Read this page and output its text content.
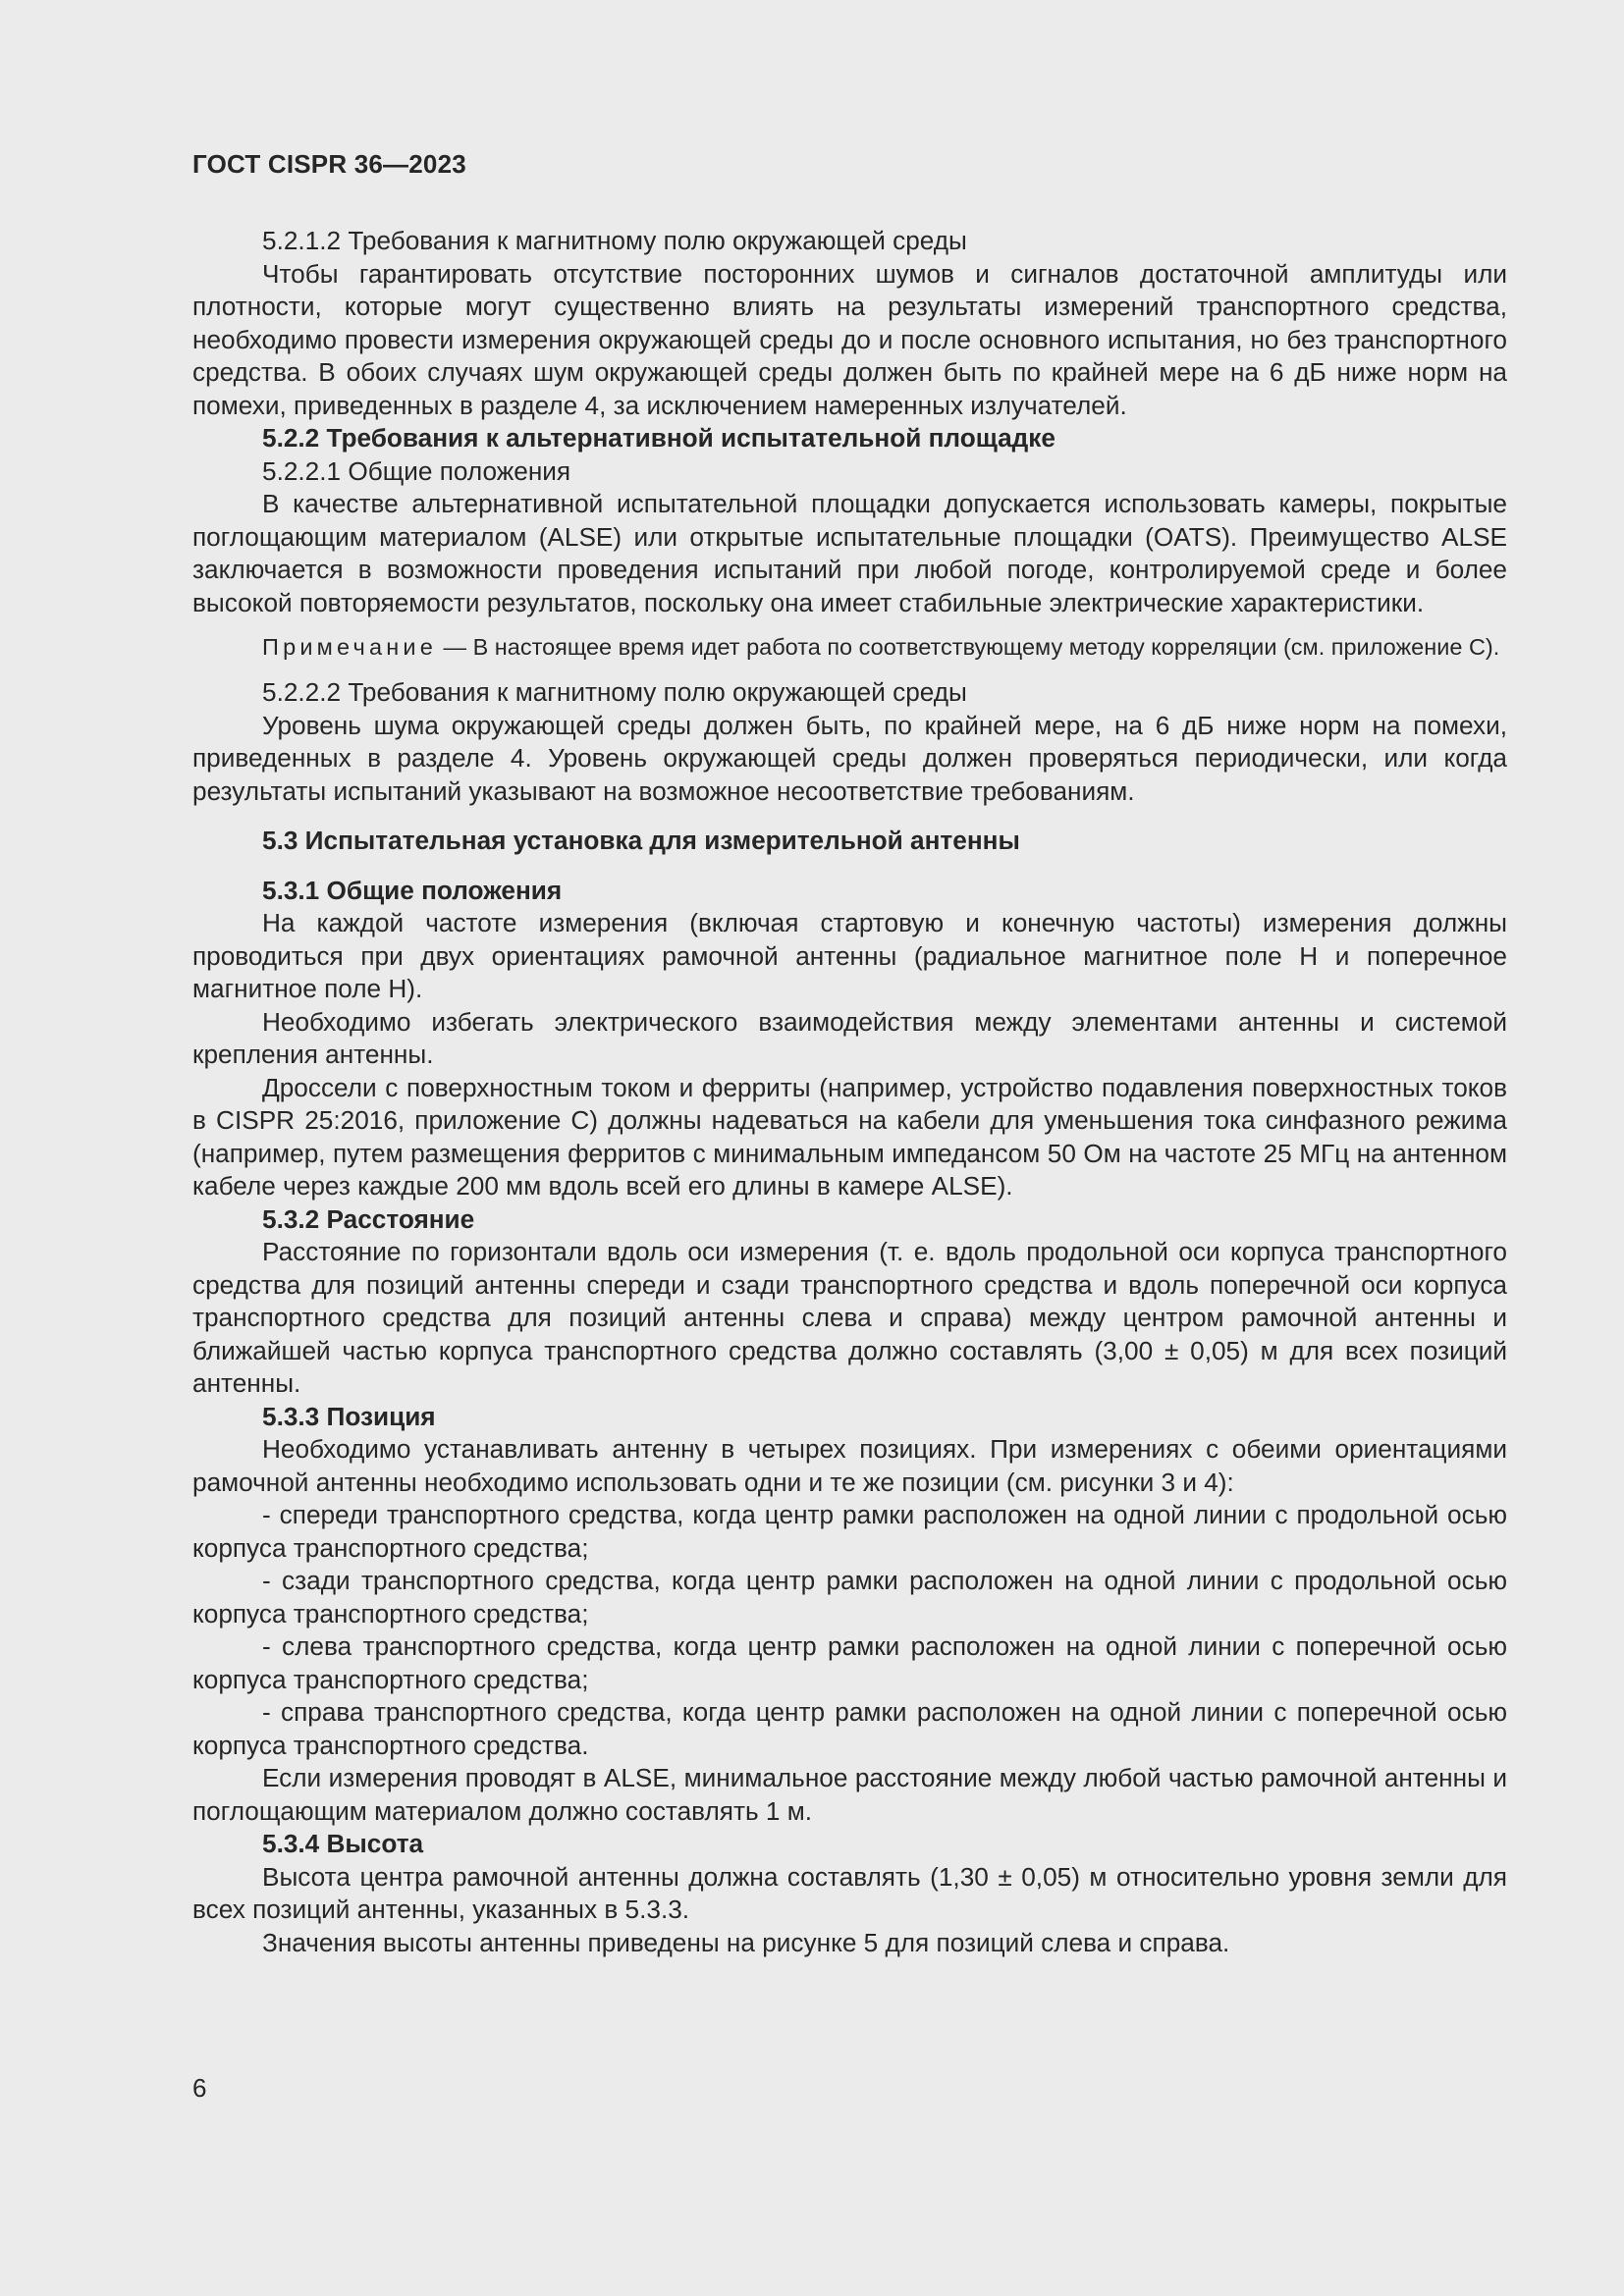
ГОСТ CISPR 36—2023

5.2.1.2 Требования к магнитному полю окружающей среды

Чтобы гарантировать отсутствие посторонних шумов и сигналов достаточной амплитуды или плотности, которые могут существенно влиять на результаты измерений транспортного средства, необходимо провести измерения окружающей среды до и после основного испытания, но без транспортного средства. В обоих случаях шум окружающей среды должен быть по крайней мере на 6 дБ ниже норм на помехи, приведенных в разделе 4, за исключением намеренных излучателей.

5.2.2 Требования к альтернативной испытательной площадке

5.2.2.1 Общие положения

В качестве альтернативной испытательной площадки допускается использовать камеры, покрытые поглощающим материалом (ALSE) или открытые испытательные площадки (OATS). Преимущество ALSE заключается в возможности проведения испытаний при любой погоде, контролируемой среде и более высокой повторяемости результатов, поскольку она имеет стабильные электрические характеристики.

Примечание — В настоящее время идет работа по соответствующему методу корреляции (см. приложение С).

5.2.2.2 Требования к магнитному полю окружающей среды

Уровень шума окружающей среды должен быть, по крайней мере, на 6 дБ ниже норм на помехи, приведенных в разделе 4. Уровень окружающей среды должен проверяться периодически, или когда результаты испытаний указывают на возможное несоответствие требованиям.

5.3 Испытательная установка для измерительной антенны

5.3.1 Общие положения

На каждой частоте измерения (включая стартовую и конечную частоты) измерения должны проводиться при двух ориентациях рамочной антенны (радиальное магнитное поле Н и поперечное магнитное поле Н).

Необходимо избегать электрического взаимодействия между элементами антенны и системой крепления антенны.

Дроссели с поверхностным током и ферриты (например, устройство подавления поверхностных токов в CISPR 25:2016, приложение C) должны надеваться на кабели для уменьшения тока синфазного режима (например, путем размещения ферритов с минимальным импедансом 50 Ом на частоте 25 МГц на антенном кабеле через каждые 200 мм вдоль всей его длины в камере ALSE).

5.3.2 Расстояние

Расстояние по горизонтали вдоль оси измерения (т. е. вдоль продольной оси корпуса транспортного средства для позиций антенны спереди и сзади транспортного средства и вдоль поперечной оси корпуса транспортного средства для позиций антенны слева и справа) между центром рамочной антенны и ближайшей частью корпуса транспортного средства должно составлять (3,00 ± 0,05) м для всех позиций антенны.

5.3.3 Позиция

Необходимо устанавливать антенну в четырех позициях. При измерениях с обеими ориентациями рамочной антенны необходимо использовать одни и те же позиции (см. рисунки 3 и 4):

- спереди транспортного средства, когда центр рамки расположен на одной линии с продольной осью корпуса транспортного средства;

- сзади транспортного средства, когда центр рамки расположен на одной линии с продольной осью корпуса транспортного средства;

- слева транспортного средства, когда центр рамки расположен на одной линии с поперечной осью корпуса транспортного средства;

- справа транспортного средства, когда центр рамки расположен на одной линии с поперечной осью корпуса транспортного средства.

Если измерения проводят в ALSE, минимальное расстояние между любой частью рамочной антенны и поглощающим материалом должно составлять 1 м.

5.3.4 Высота

Высота центра рамочной антенны должна составлять (1,30 ± 0,05) м относительно уровня земли для всех позиций антенны, указанных в 5.3.3.

Значения высоты антенны приведены на рисунке 5 для позиций слева и справа.

6
